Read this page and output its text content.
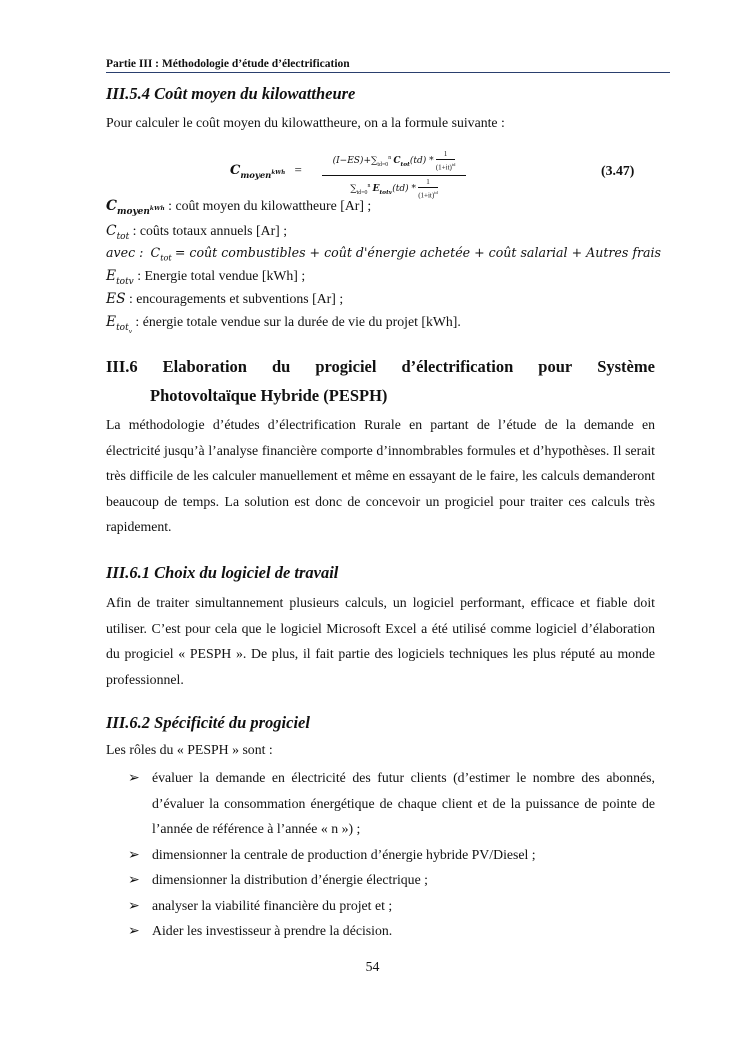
Partie III : Méthodologie d’étude d’électrification
III.5.4 Coût moyen du kilowattheure
Pour calculer le coût moyen du kilowattheure, on a la formule suivante :
$C_{moyen^{kWh}}$ =
$(I-ES)+\sum_{td=0}^n$ $C_{tot}(td) * \frac{1}{(1+it)^{td}}$
$\sum_{td=0}^n$ $E_{totv}(td) * \frac{1}{(1+it)^{td}}$
(3.47)
$C_{moyen^{kWh}}$ : coût moyen du kilowattheure [Ar] ;
$C_{tot}$ : coûts totaux annuels [Ar] ;
avec : $C_{tot}$ = coût combustibles + coût d'énergie achetée + coût salarial + Autres frais
$E_{totv}$ : Energie total vendue [kWh] ;
ES : encouragements et subventions [Ar] ;
$E_{tot_v}$ : énergie totale vendue sur la durée de vie du projet [kWh].
III.6 Elaboration du progiciel d’électrification pour Système
Photovoltaïque Hybride (PESPH)
La méthodologie d’études d’électrification Rurale en partant de l’étude de la demande en électricité jusqu’à l’analyse financière comporte d’innombrables formules et d’hypothèses. Il serait très difficile de les calculer manuellement et même en essayant de le faire, les calculs demanderont beaucoup de temps. La solution est donc de concevoir un progiciel pour traiter ces calculs très rapidement.
III.6.1 Choix du logiciel de travail
Afin de traiter simultannement plusieurs calculs, un logiciel performant, efficace et fiable doit utiliser. C’est pour cela que le logiciel Microsoft Excel a été utilisé comme logiciel d’élaboration du progiciel « PESPH ». De plus, il fait partie des logiciels techniques les plus réputé au monde professionnel.
III.6.2 Spécificité du progiciel
Les rôles du « PESPH » sont :
➢ évaluer la demande en électricité des futur clients (d’estimer le nombre des abonnés, d’évaluer la consommation énergétique de chaque client et de la puissance de pointe de l’année de référence à l’année « n ») ;
➢ dimensionner la centrale de production d’énergie hybride PV/Diesel ;
➢ dimensionner la distribution d’énergie électrique ;
➢ analyser la viabilité financière du projet et ;
➢ Aider les investisseur à prendre la décision.
54
